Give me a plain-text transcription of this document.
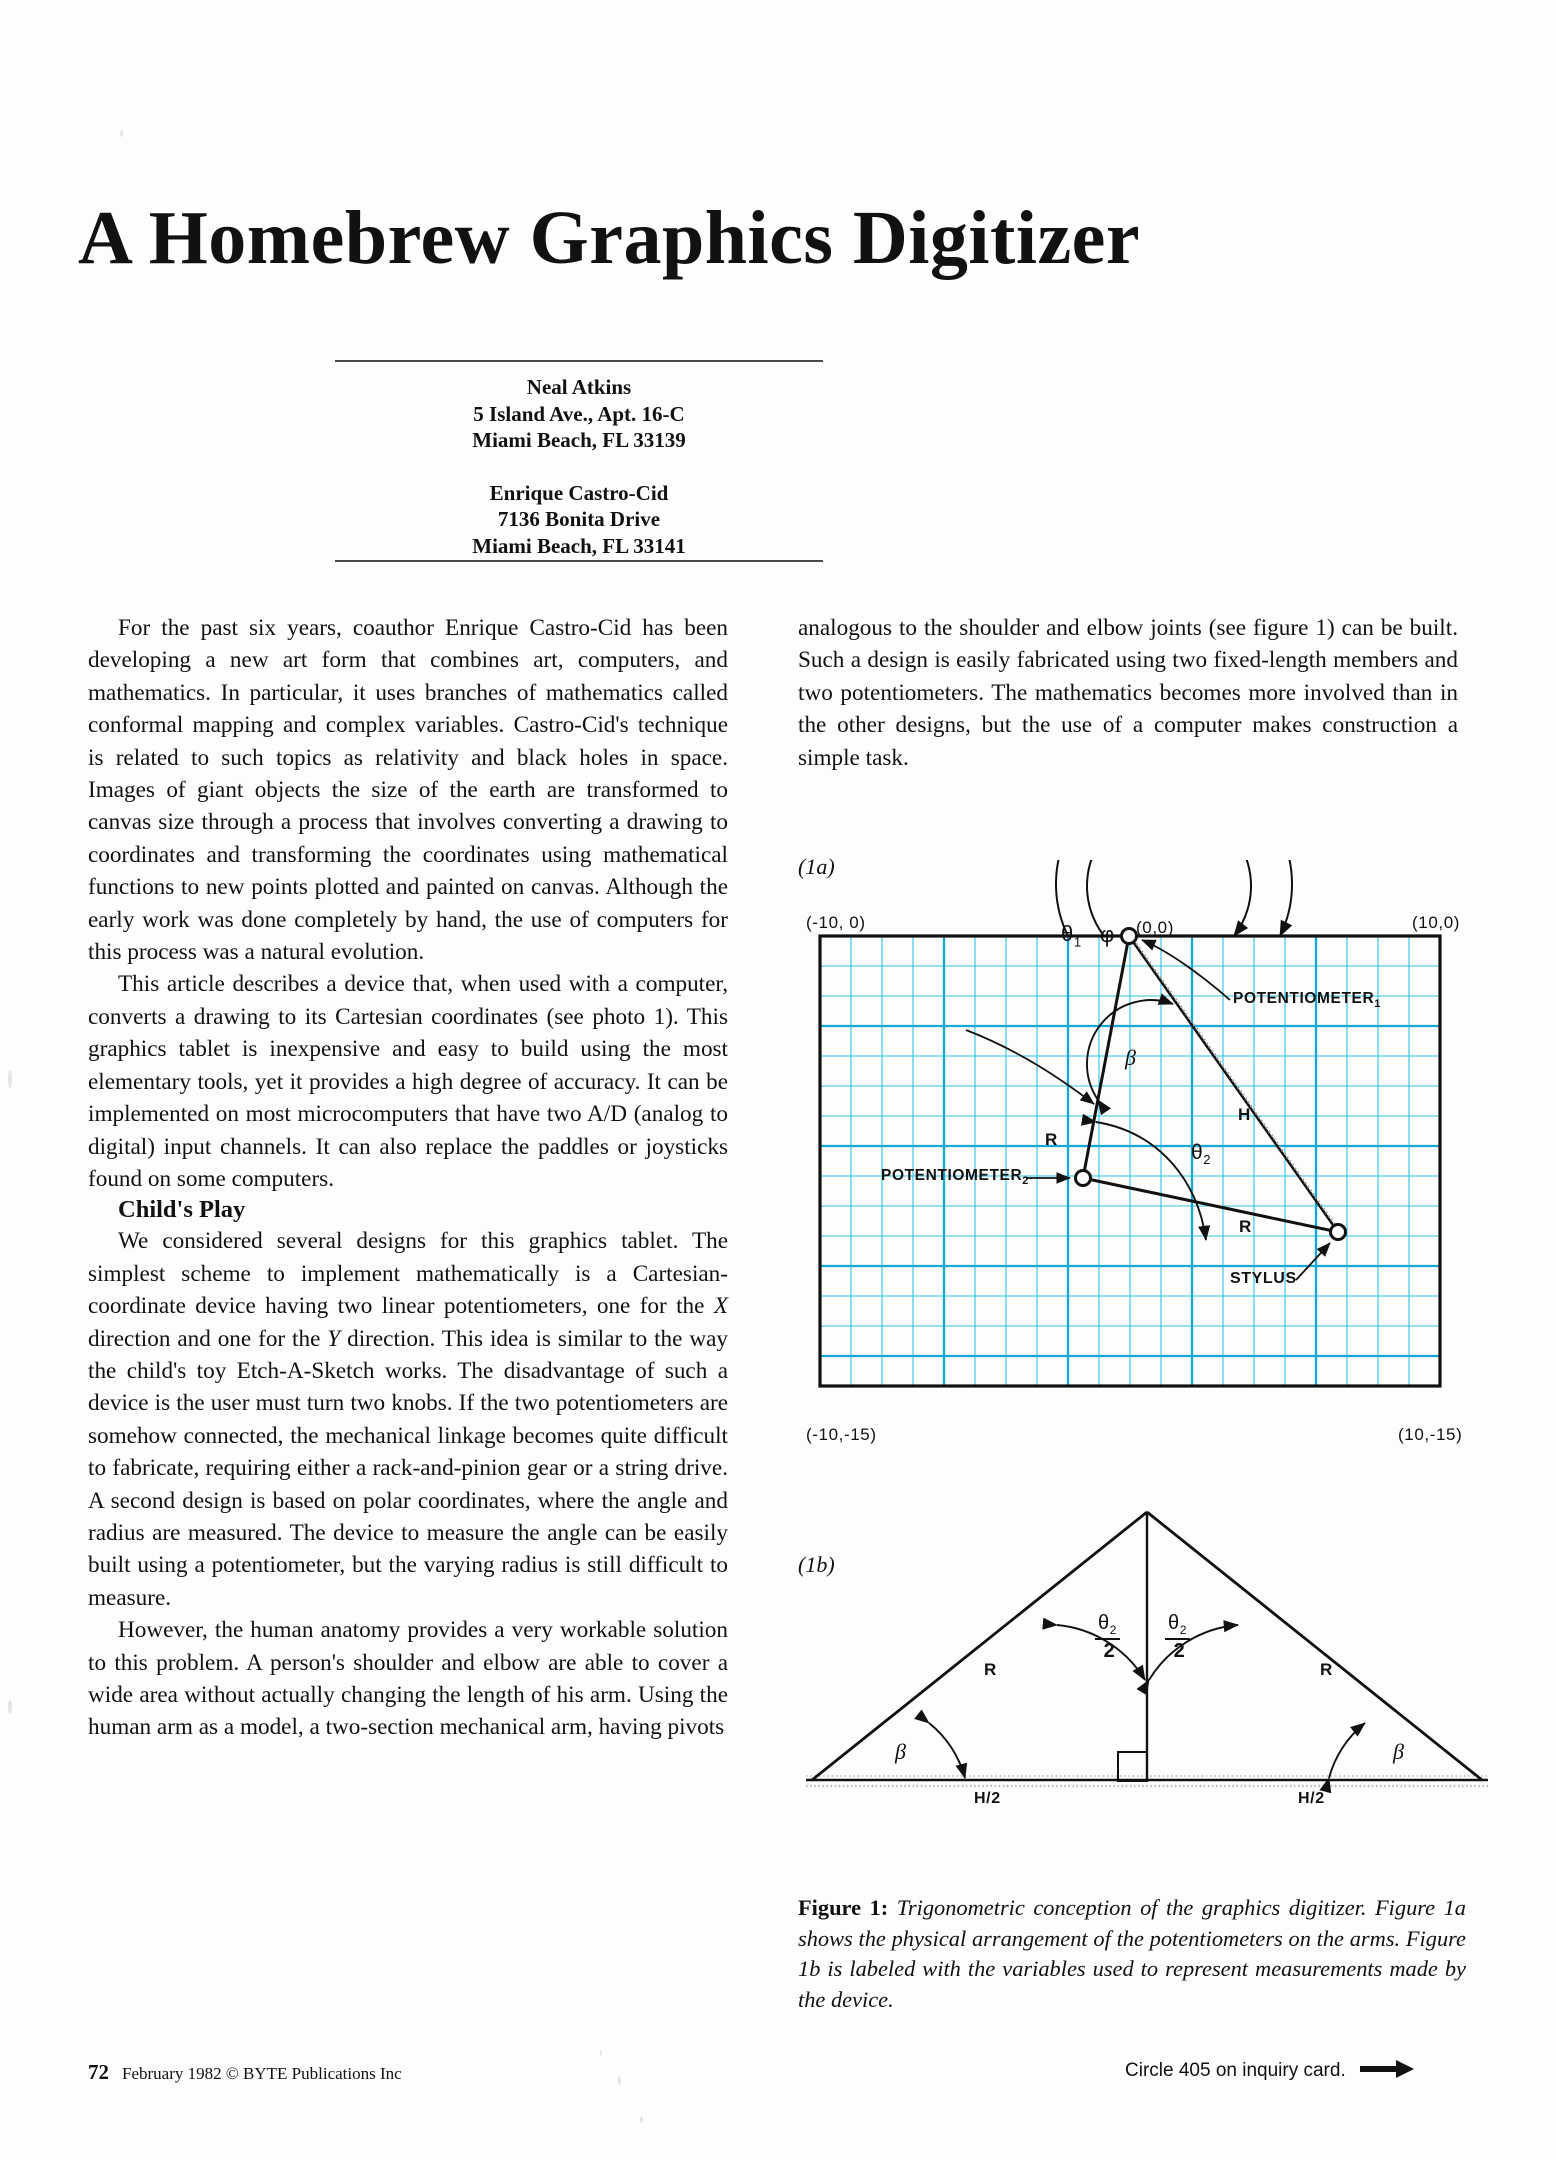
A Homebrew Graphics Digitizer
Neal Atkins
5 Island Ave., Apt. 16-C
Miami Beach, FL 33139
Enrique Castro-Cid
7136 Bonita Drive
Miami Beach, FL 33141

For the past six years, coauthor Enrique Castro-Cid has been developing a new art form that combines art, computers, and mathematics. In particular, it uses branches of mathematics called conformal mapping and complex variables. Castro-Cid's technique is related to such topics as relativity and black holes in space. Images of giant objects the size of the earth are transformed to canvas size through a process that involves converting a drawing to coordinates and transforming the coordinates using mathematical functions to new points plotted and painted on canvas. Although the early work was done completely by hand, the use of computers for this process was a natural evolution.

This article describes a device that, when used with a computer, converts a drawing to its Cartesian coordinates (see photo 1). This graphics tablet is inexpensive and easy to build using the most elementary tools, yet it provides a high degree of accuracy. It can be implemented on most microcomputers that have two A/D (analog to digital) input channels. It can also replace the paddles or joysticks found on some computers.

Child's Play

We considered several designs for this graphics tablet. The simplest scheme to implement mathematically is a Cartesian-coordinate device having two linear potentiometers, one for the X direction and one for the Y direction. This idea is similar to the way the child's toy Etch-A-Sketch works. The disadvantage of such a device is the user must turn two knobs. If the two potentiometers are somehow connected, the mechanical linkage becomes quite difficult to fabricate, requiring either a rack-and-pinion gear or a string drive. A second design is based on polar coordinates, where the angle and radius are measured. The device to measure the angle can be easily built using a potentiometer, but the varying radius is still difficult to measure.

However, the human anatomy provides a very workable solution to this problem. A person's shoulder and elbow are able to cover a wide area without actually changing the length of his arm. Using the human arm as a model, a two-section mechanical arm, having pivots

analogous to the shoulder and elbow joints (see figure 1) can be built. Such a design is easily fabricated using two fixed-length members and two potentiometers. The mathematics becomes more involved than in the other designs, but the use of a computer makes construction a simple task.

(1a)
(-10, 0)	(10,0)
(-10,-15)	(10,-15)
$\theta_1$ φ (0,0)
$POTENTIOMETER_1$
$POTENTIOMETER_2$
β
R
$\theta_2$
H
R
STYLUS
(1b)
$\theta_2$
2
$\theta_2$
2
R	R
β	β
H/2	H/2
Figure 1: Trigonometric conception of the graphics digitizer. Figure 1a shows the physical arrangement of the potentiometers on the arms. Figure 1b is labeled with the variables used to represent measurements made by the device.
72 February 1982 © BYTE Publications Inc	Circle 405 on inquiry card.
